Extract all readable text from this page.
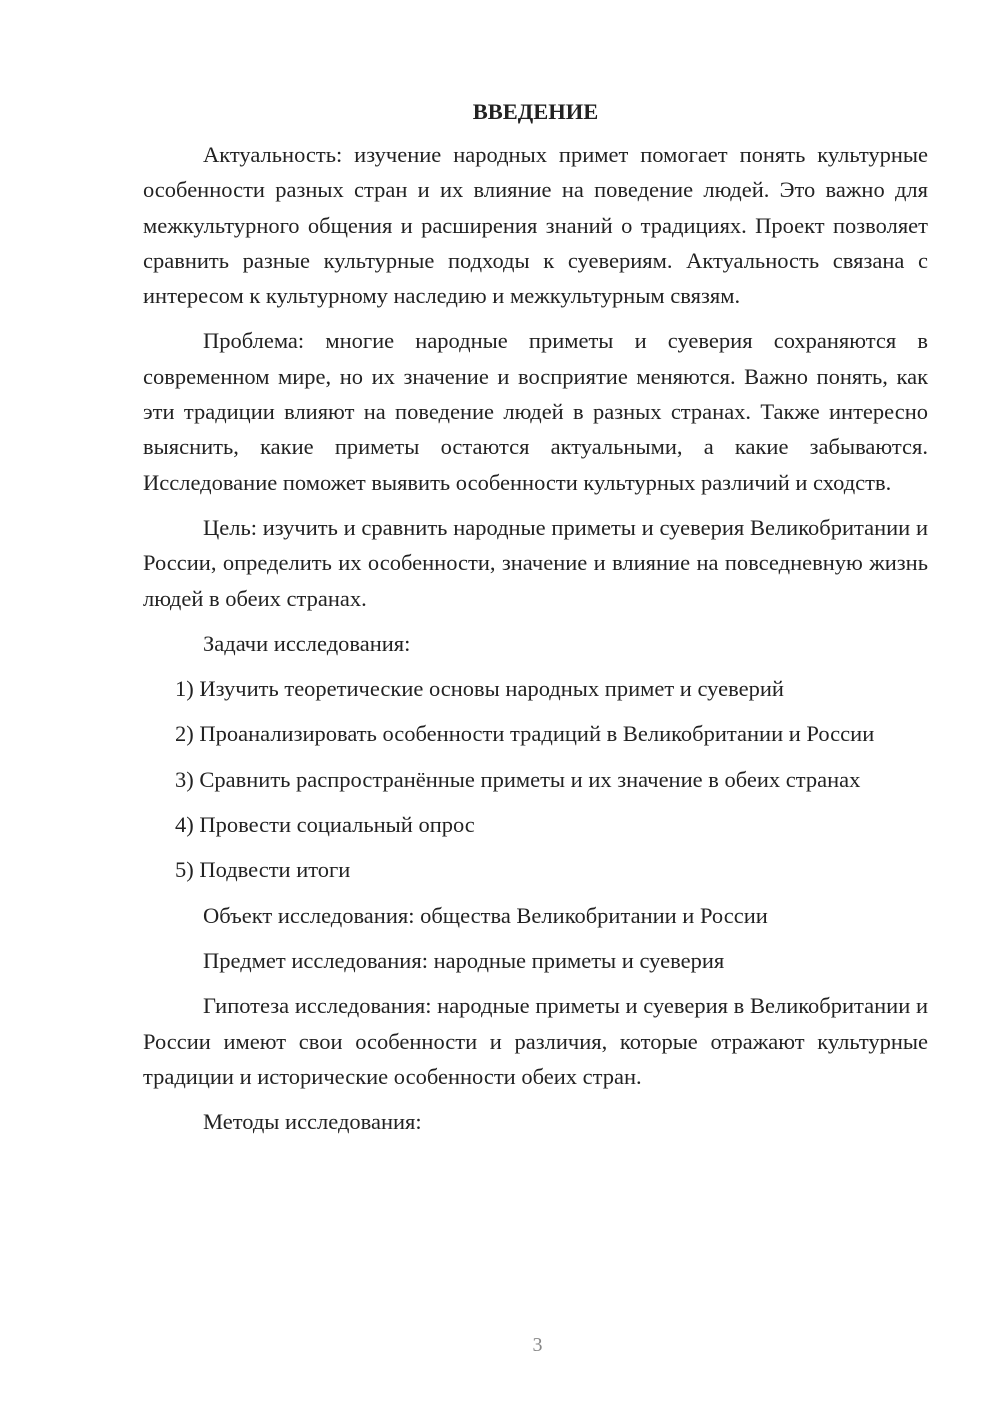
ВВЕДЕНИЕ

Актуальность: изучение народных примет помогает понять культурные особенности разных стран и их влияние на поведение людей. Это важно для межкультурного общения и расширения знаний о традициях. Проект позволяет сравнить разные культурные подходы к суевериям. Актуальность связана с интересом к культурному наследию и межкультурным связям.

Проблема: многие народные приметы и суеверия сохраняются в современном мире, но их значение и восприятие меняются. Важно понять, как эти традиции влияют на поведение людей в разных странах. Также интересно выяснить, какие приметы остаются актуальными, а какие забываются. Исследование поможет выявить особенности культурных различий и сходств.

Цель: изучить и сравнить народные приметы и суеверия Великобритании и России, определить их особенности, значение и влияние на повседневную жизнь людей в обеих странах.

Задачи исследования:

1) Изучить теоретические основы народных примет и суеверий

2) Проанализировать особенности традиций в Великобритании и России

3) Сравнить распространённые приметы и их значение в обеих странах

4) Провести социальный опрос

5) Подвести итоги

Объект исследования: общества Великобритании и России

Предмет исследования: народные приметы и суеверия

Гипотеза исследования: народные приметы и суеверия в Великобритании и России имеют свои особенности и различия, которые отражают культурные традиции и исторические особенности обеих стран.

Методы исследования:

3
